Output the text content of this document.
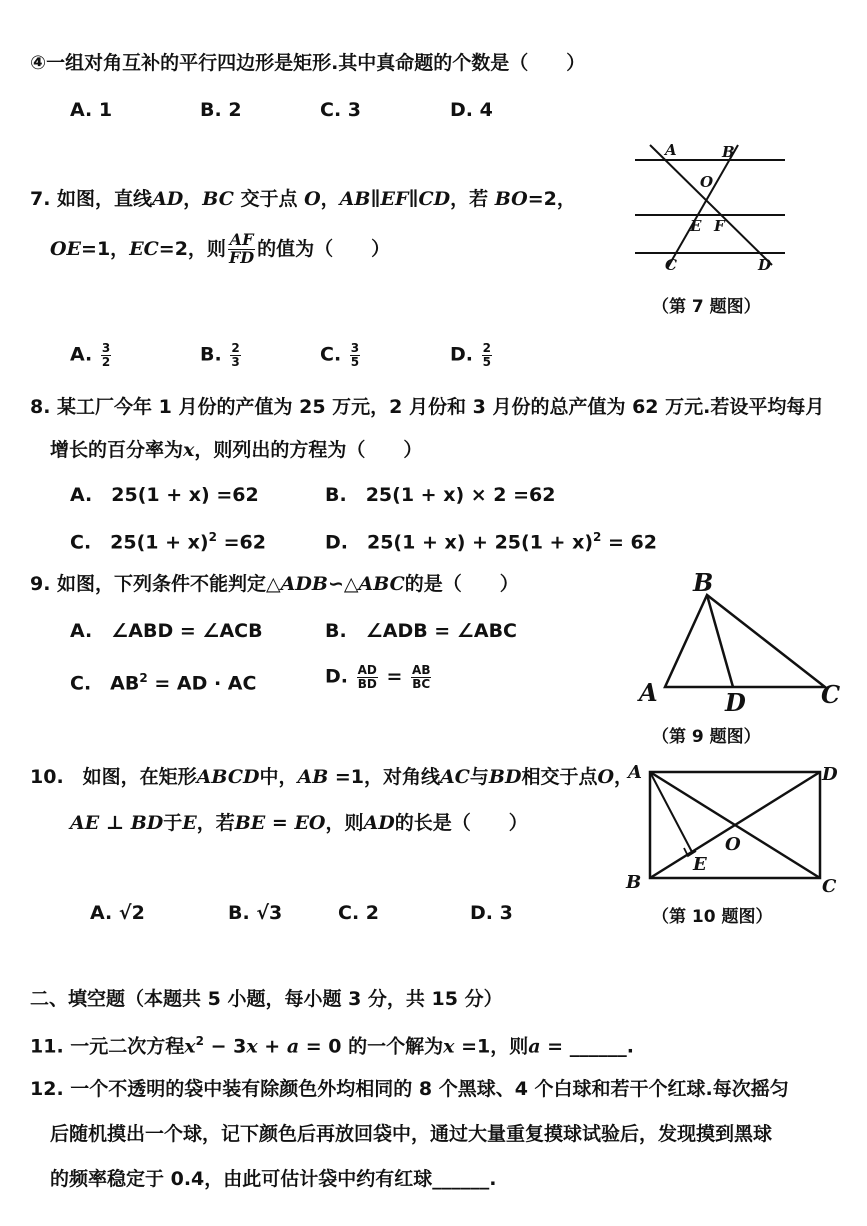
④一组对角互补的平行四边形是矩形.其中真命题的个数是（　　）
A. 1	B. 2	C. 3	D. 4
7. 如图，直线AD，BC 交于点 O，AB∥EF∥CD，若 BO=2，
OE=1，EC=2，则 $\frac{AF}{FD}$ 的值为（　　）
A. $\frac{3}{2}$	B. $\frac{2}{3}$	C. $\frac{3}{5}$	D. $\frac{2}{5}$
A	B
O
E F
C	D
（第 7 题图）
8. 某工厂今年 1 月份的产值为 25 万元，2 月份和 3 月份的总产值为 62 万元.若设平均每月
增长的百分率为x，则列出的方程为（　　）
A.　25(1 + x) =62	B.　25(1 + x) × 2 =62
C.　$25(1 + x)^2 =62$	D.　$25(1 + x) + 25(1 + x)^2 = 62$
9. 如图，下列条件不能判定△ADB∽△ABC的是（　　）
A.　∠ABD = ∠ACB	B.　∠ADB = ∠ABC
C.　$AB^2$ = AD · AC	D. $\frac{AD}{BD} = \frac{AB}{BC}$
B
A	D	C
（第 9 题图）
10.　如图，在矩形ABCD中，AB =1，对角线AC与BD相交于点O，
AE ⊥ BD于E，若BE = EO，则AD的长是（　　）
A. √2	B. √3	C. 2	D. 3
A	D
O
E
B	C
（第 10 题图）
二、填空题（本题共 5 小题，每小题 3 分，共 15 分）
11. 一元二次方程$x^2 - 3x + a = 0$ 的一个解为x =1，则a = ______.
12. 一个不透明的袋中装有除颜色外均相同的 8 个黑球、4 个白球和若干个红球.每次摇匀
后随机摸出一个球，记下颜色后再放回袋中，通过大量重复摸球试验后，发现摸到黑球
的频率稳定于 0.4，由此可估计袋中约有红球______.
